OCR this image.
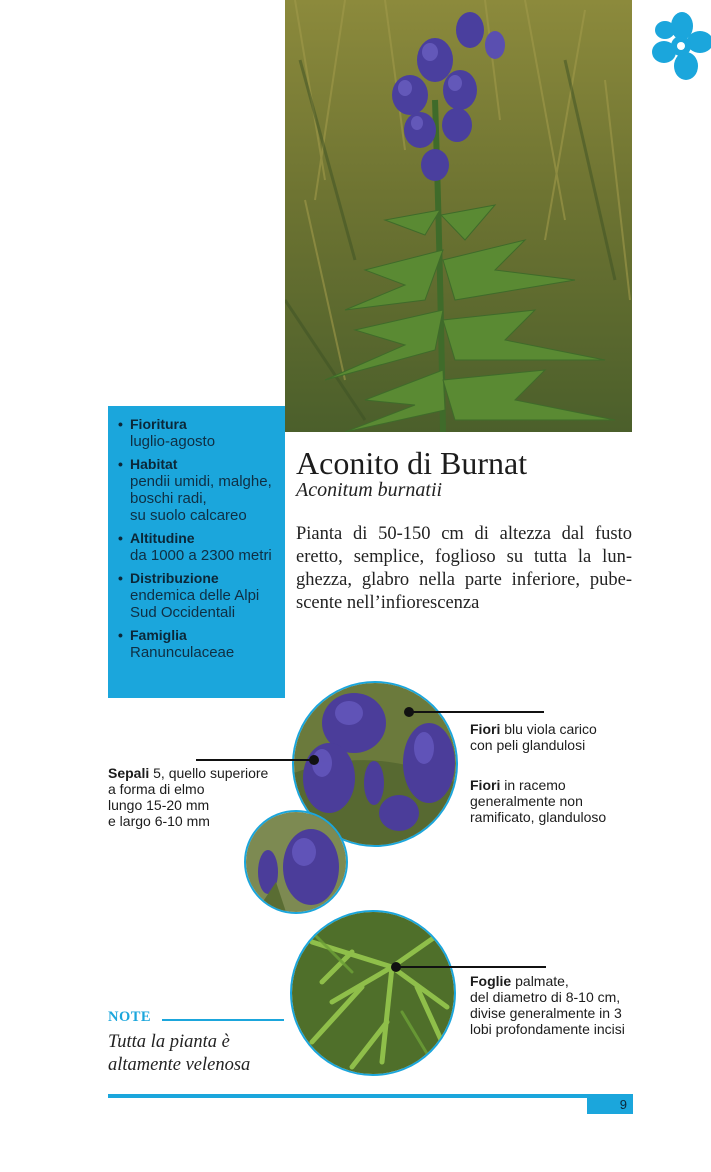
• Fioritura
luglio-agosto
• Habitat
pendii umidi, malghe,
boschi radi,
su suolo calcareo
• Altitudine
da 1000 a 2300 metri
• Distribuzione
endemica delle Alpi
Sud Occidentali
• Famiglia
Ranunculaceae
Aconito di Burnat
Aconitum burnatii

Pianta di 50-150 cm di altezza dal fusto eretto, semplice, foglioso su tutta la lun-ghezza, glabro nella parte inferiore, pube-scente nell’infiorescenza

Fiori blu viola carico
con peli glandulosi
Fiori in racemo
generalmente non
ramificato, glanduloso
Sepali 5, quello superiore
a forma di elmo
lungo 15-20 mm
e largo 6-10 mm
Foglie palmate,
del diametro di 8-10 cm,
divise generalmente in 3
lobi profondamente incisi
NOTE
Tutta la pianta è
altamente velenosa
9
